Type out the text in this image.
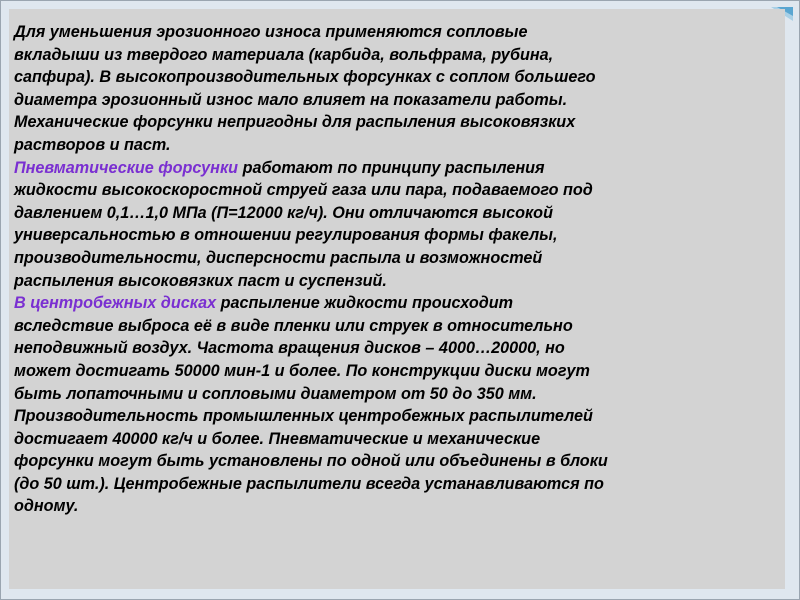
Для уменьшения эрозионного износа применяются сопловые
вкладыши из твердого материала (карбида, вольфрама, рубина,
сапфира). В высокопроизводительных форсунках с соплом большего
диаметра эрозионный износ мало влияет на показатели работы.
Механические форсунки непригодны для распыления высоковязких
растворов и паст.
Пневматические форсунки работают по принципу распыления
жидкости высокоскоростной струей газа или пара, подаваемого под
давлением 0,1…1,0 МПа (П=12000 кг/ч). Они отличаются высокой
универсальностью в отношении регулирования формы факелы,
производительности, дисперсности распыла и возможностей
распыления высоковязких паст и суспензий.
В центробежных дисках распыление жидкости происходит
вследствие выброса её в виде пленки или струек в относительно
неподвижный воздух. Частота вращения дисков – 4000…20000, но
может достигать 50000 мин-1 и более. По конструкции диски могут
быть лопаточными и сопловыми диаметром от 50 до 350 мм.
Производительность промышленных центробежных распылителей
достигает 40000 кг/ч и более. Пневматические и механические
форсунки могут быть установлены по одной или объединены в блоки
(до 50 шт.). Центробежные распылители всегда устанавливаются по
одному.
